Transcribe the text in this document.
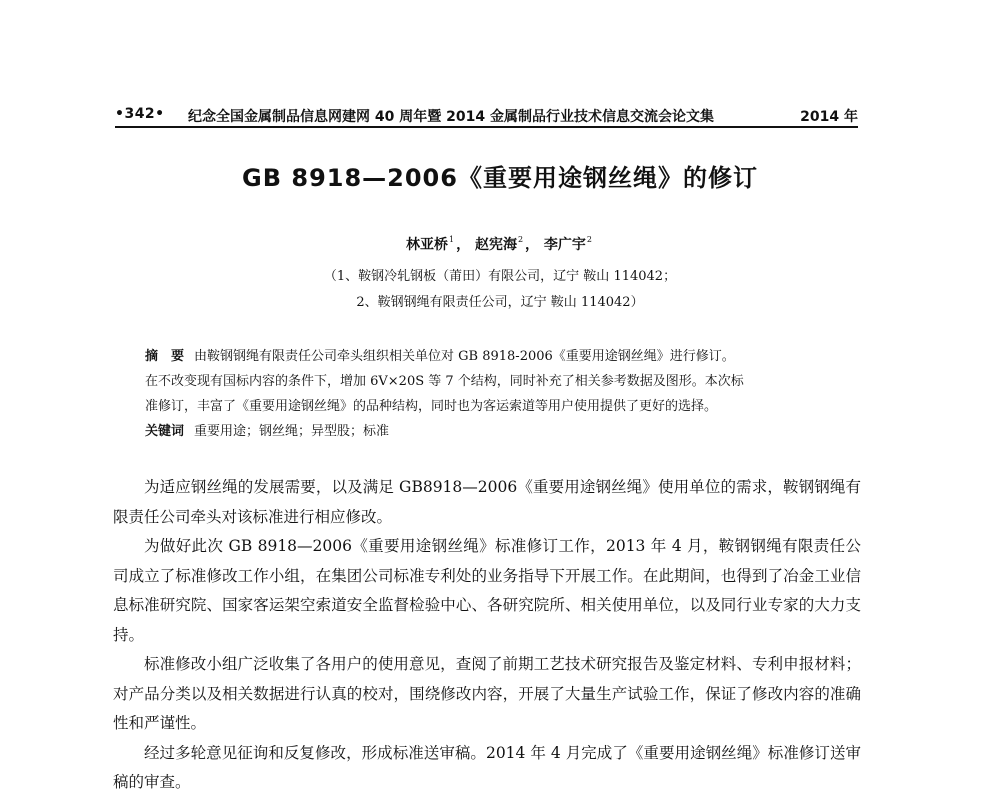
•342• 纪念全国金属制品信息网建网 40 周年暨 2014 金属制品行业技术信息交流会论文集	2014 年
GB 8918—2006《重要用途钢丝绳》的修订
林亚桥$^1$ ， 赵宪海$^2$ ， 李广宇$^2$
（1、鞍钢冷轧钢板（莆田）有限公司，辽宁 鞍山 114042；
2、鞍钢钢绳有限责任公司，辽宁 鞍山 114042）

摘　要 由鞍钢钢绳有限责任公司牵头组织相关单位对 GB 8918-2006《重要用途钢丝绳》进行修订。

在不改变现有国标内容的条件下，增加 6V×20S 等 7 个结构，同时补充了相关参考数据及图形。本次标

准修订，丰富了《重要用途钢丝绳》的品种结构，同时也为客运索道等用户使用提供了更好的选择。

关键词 重要用途；钢丝绳；异型股；标准

为适应钢丝绳的发展需要，以及满足 GB8918—2006《重要用途钢丝绳》使用单位的需求，鞍钢钢绳有限责任公司牵头对该标准进行相应修改。

为做好此次 GB 8918—2006《重要用途钢丝绳》标准修订工作，2013 年 4 月，鞍钢钢绳有限责任公司成立了标准修改工作小组，在集团公司标准专利处的业务指导下开展工作。在此期间，也得到了冶金工业信息标准研究院、国家客运架空索道安全监督检验中心、各研究院所、相关使用单位，以及同行业专家的大力支持。

标准修改小组广泛收集了各用户的使用意见，查阅了前期工艺技术研究报告及鉴定材料、专利申报材料；对产品分类以及相关数据进行认真的校对，围绕修改内容，开展了大量生产试验工作，保证了修改内容的准确性和严谨性。

经过多轮意见征询和反复修改，形成标准送审稿。2014 年 4 月完成了《重要用途钢丝绳》标准修订送审稿的审查。
